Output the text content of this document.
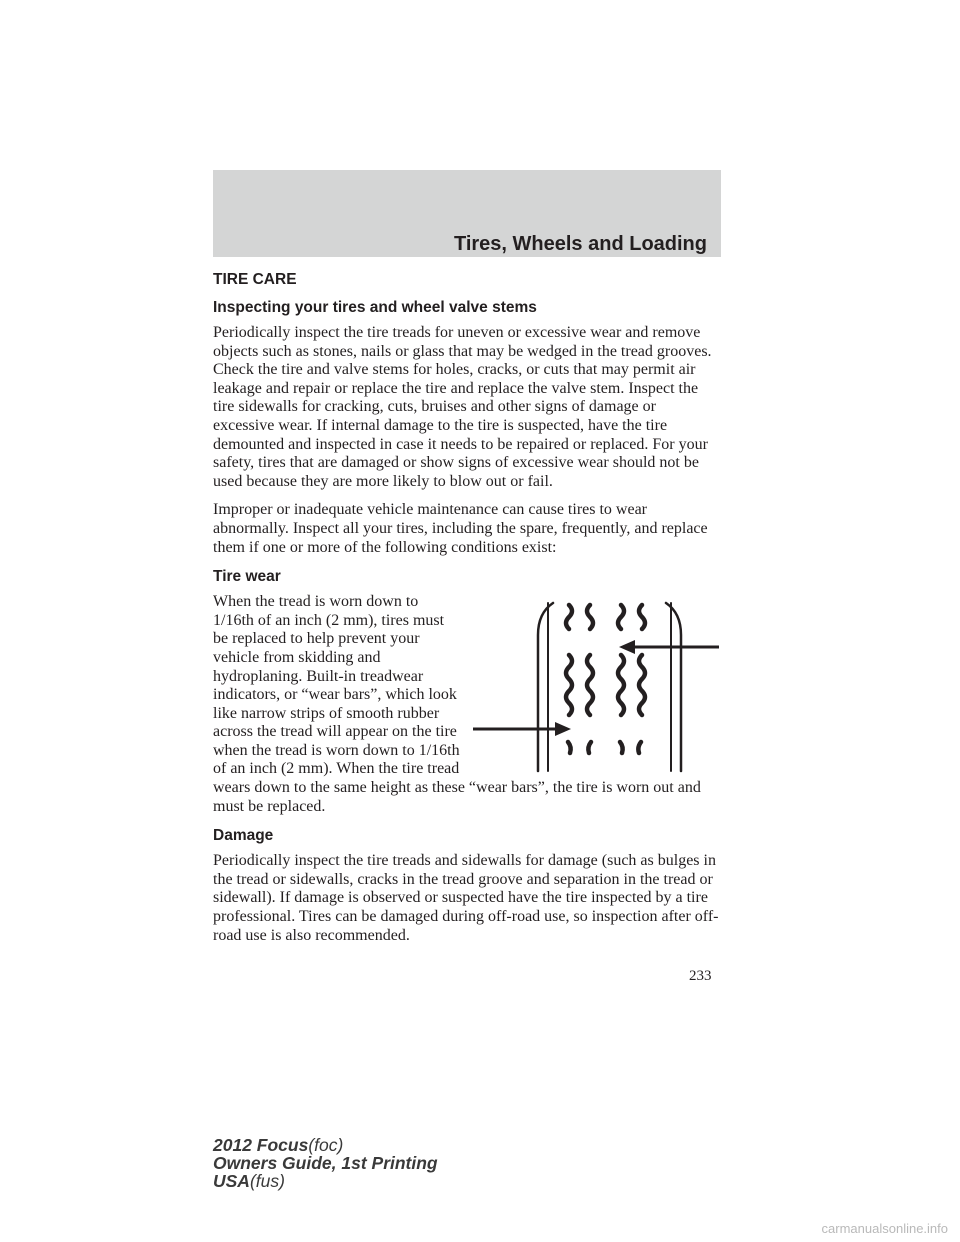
Tires, Wheels and Loading
TIRE CARE
Inspecting your tires and wheel valve stems

Periodically inspect the tire treads for uneven or excessive wear and remove objects such as stones, nails or glass that may be wedged in the tread grooves. Check the tire and valve stems for holes, cracks, or cuts that may permit air leakage and repair or replace the tire and replace the valve stem. Inspect the tire sidewalls for cracking, cuts, bruises and other signs of damage or excessive wear. If internal damage to the tire is suspected, have the tire demounted and inspected in case it needs to be repaired or replaced. For your safety, tires that are damaged or show signs of excessive wear should not be used because they are more likely to blow out or fail.

Improper or inadequate vehicle maintenance can cause tires to wear abnormally. Inspect all your tires, including the spare, frequently, and replace them if one or more of the following conditions exist:

Tire wear

When the tread is worn down to 1/16th of an inch (2 mm), tires must be replaced to help prevent your vehicle from skidding and hydroplaning. Built-in treadwear indicators, or “wear bars”, which look like narrow strips of smooth rubber across the tread will appear on the tire when the tread is worn down to 1/16th of an inch (2 mm). When the tire tread wears down to the same height as these “wear bars”, the tire is worn out and must be replaced.

Damage

Periodically inspect the tire treads and sidewalls for damage (such as bulges in the tread or sidewalls, cracks in the tread groove and separation in the tread or sidewall). If damage is observed or suspected have the tire inspected by a tire professional. Tires can be damaged during off-road use, so inspection after off-road use is also recommended.

233
2012 Focus(foc)
Owners Guide, 1st Printing
USA(fus)
carmanualsonline.info
